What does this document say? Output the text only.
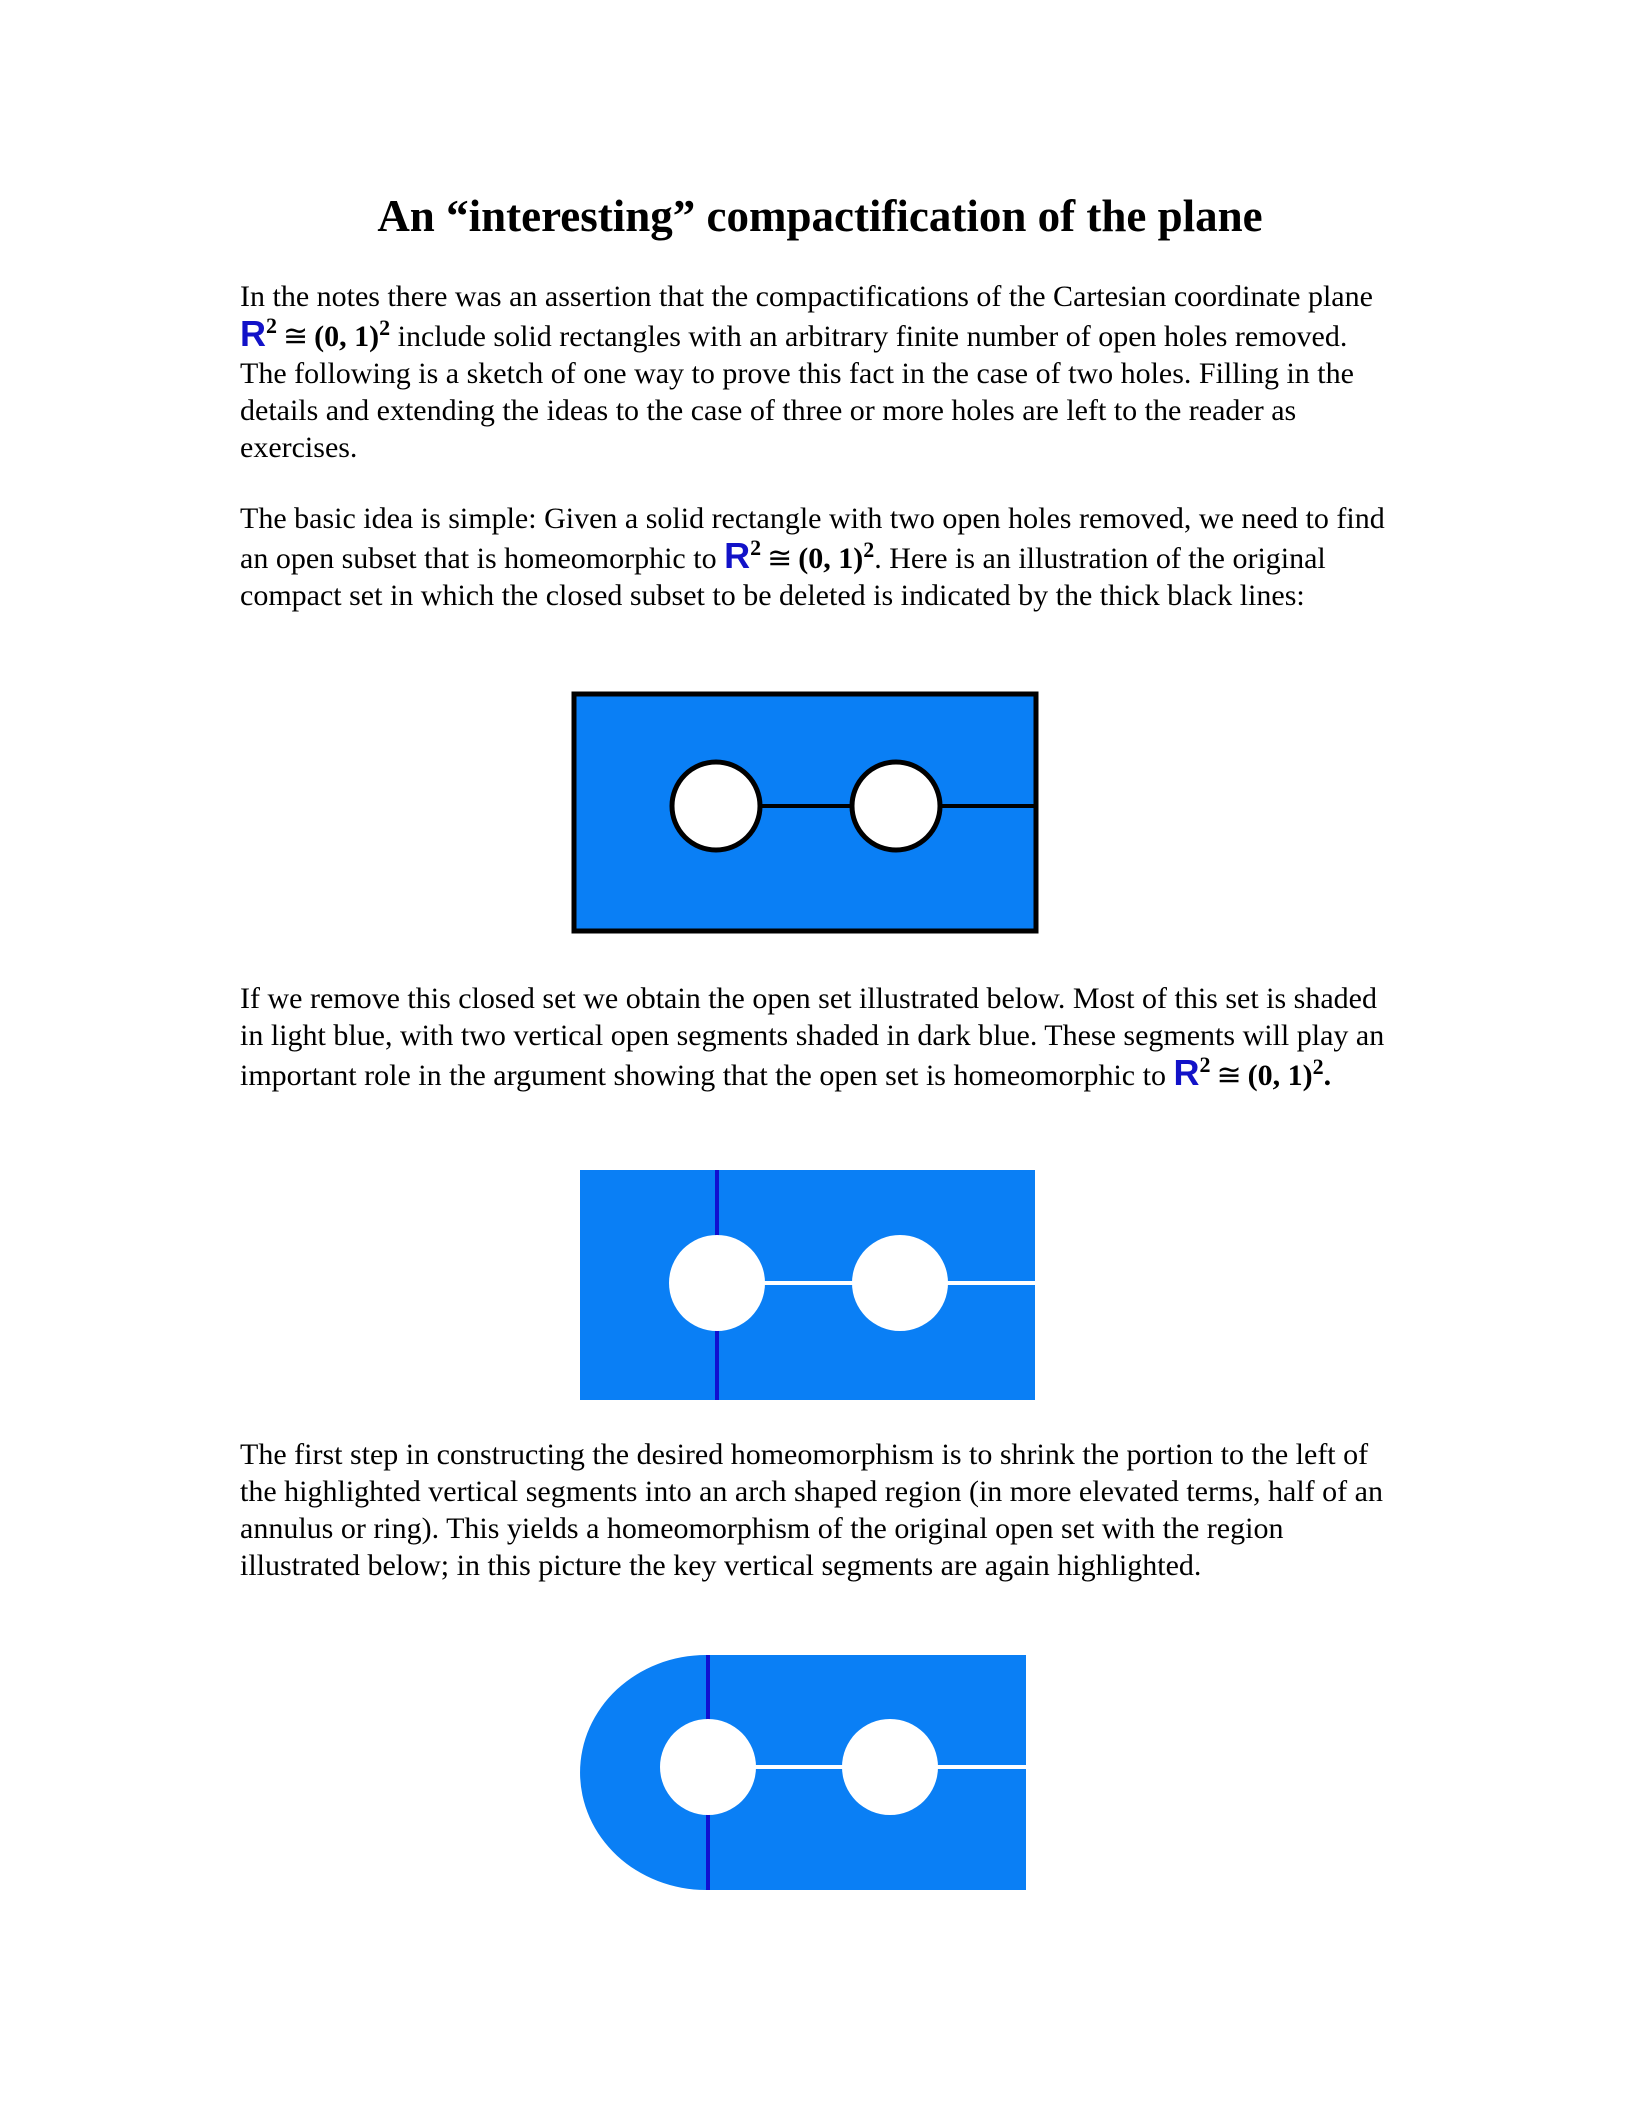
An “interesting” compactification of the plane

In the notes there was an assertion that the compactifications of the Cartesian coordinate plane $R^2$ ≅ (0, 1)$^2$ include solid rectangles with an arbitrary finite number of open holes removed. The following is a sketch of one way to prove this fact in the case of two holes. Filling in the details and extending the ideas to the case of three or more holes are left to the reader as exercises.

The basic idea is simple: Given a solid rectangle with two open holes removed, we need to find an open subset that is homeomorphic to $R^2$ ≅ (0, 1)$^2$. Here is an illustration of the original compact set in which the closed subset to be deleted is indicated by the thick black lines:

If we remove this closed set we obtain the open set illustrated below. Most of this set is shaded in light blue, with two vertical open segments shaded in dark blue. These segments will play an important role in the argument showing that the open set is homeomorphic to $R^2$ ≅ (0, 1)$^2$.

The first step in constructing the desired homeomorphism is to shrink the portion to the left of the highlighted vertical segments into an arch shaped region (in more elevated terms, half of an annulus or ring). This yields a homeomorphism of the original open set with the region illustrated below; in this picture the key vertical segments are again highlighted.
